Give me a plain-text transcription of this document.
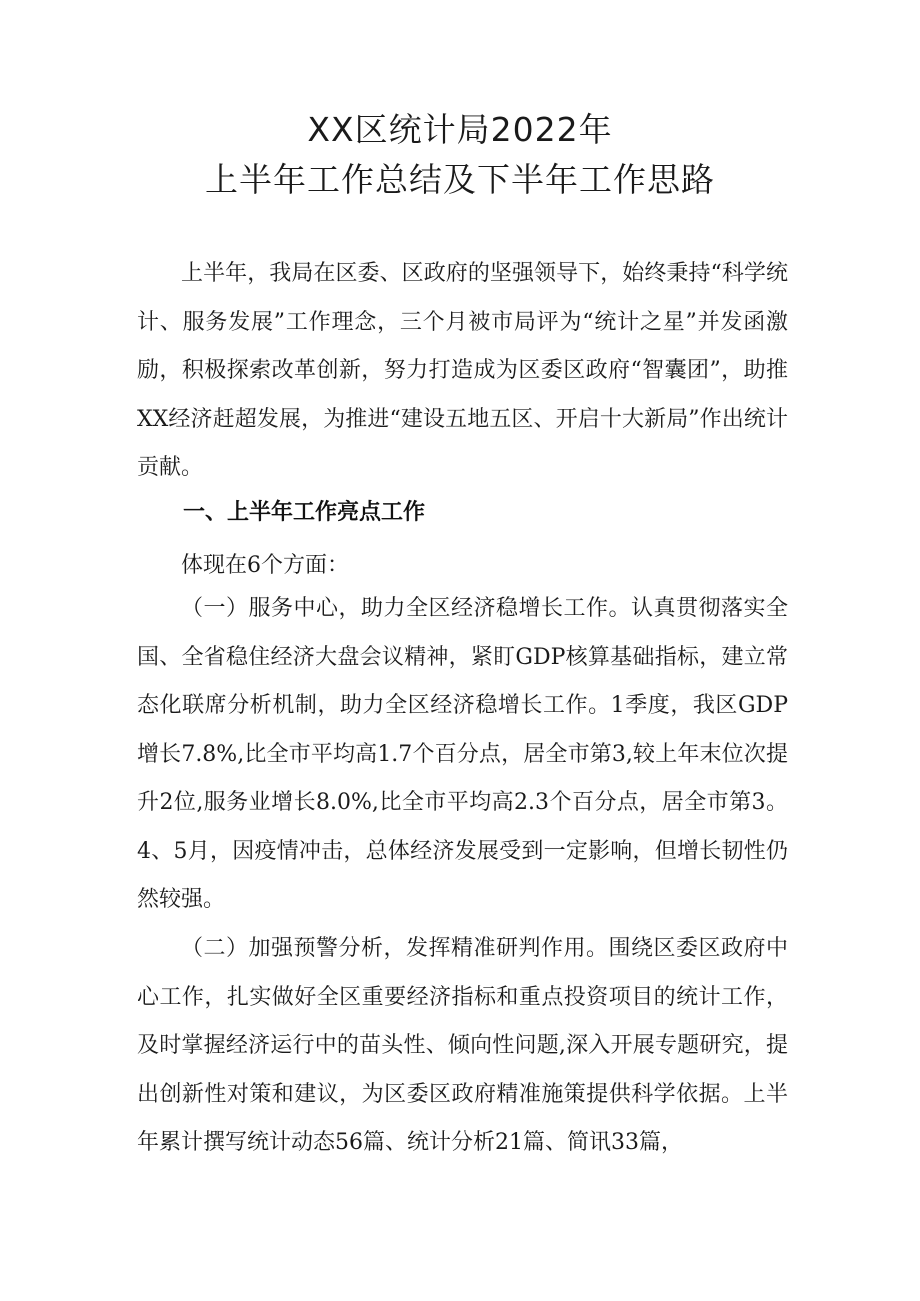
XX区统计局2022年
上半年工作总结及下半年工作思路

上半年，我局在区委、区政府的坚强领导下，始终秉持“科学统计、服务发展”工作理念，三个月被市局评为“统计之星”并发函激励，积极探索改革创新，努力打造成为区委区政府“智囊团”，助推XX经济赶超发展，为推进“建设五地五区、开启十大新局”作出统计贡献。

一、上半年工作亮点工作

体现在6个方面：

（一）服务中心，助力全区经济稳增长工作。认真贯彻落实全国、全省稳住经济大盘会议精神，紧盯GDP核算基础指标，建立常态化联席分析机制，助力全区经济稳增长工作。1季度，我区GDP增长7.8%,比全市平均高1.7个百分点，居全市第3,较上年末位次提升2位,服务业增长8.0%,比全市平均高2.3个百分点，居全市第3。4、5月，因疫情冲击，总体经济发展受到一定影响，但增长韧性仍然较强。

（二）加强预警分析，发挥精准研判作用。围绕区委区政府中心工作，扎实做好全区重要经济指标和重点投资项目的统计工作，及时掌握经济运行中的苗头性、倾向性问题,深入开展专题研究，提出创新性对策和建议，为区委区政府精准施策提供科学依据。上半年累计撰写统计动态56篇、统计分析21篇、简讯33篇，
